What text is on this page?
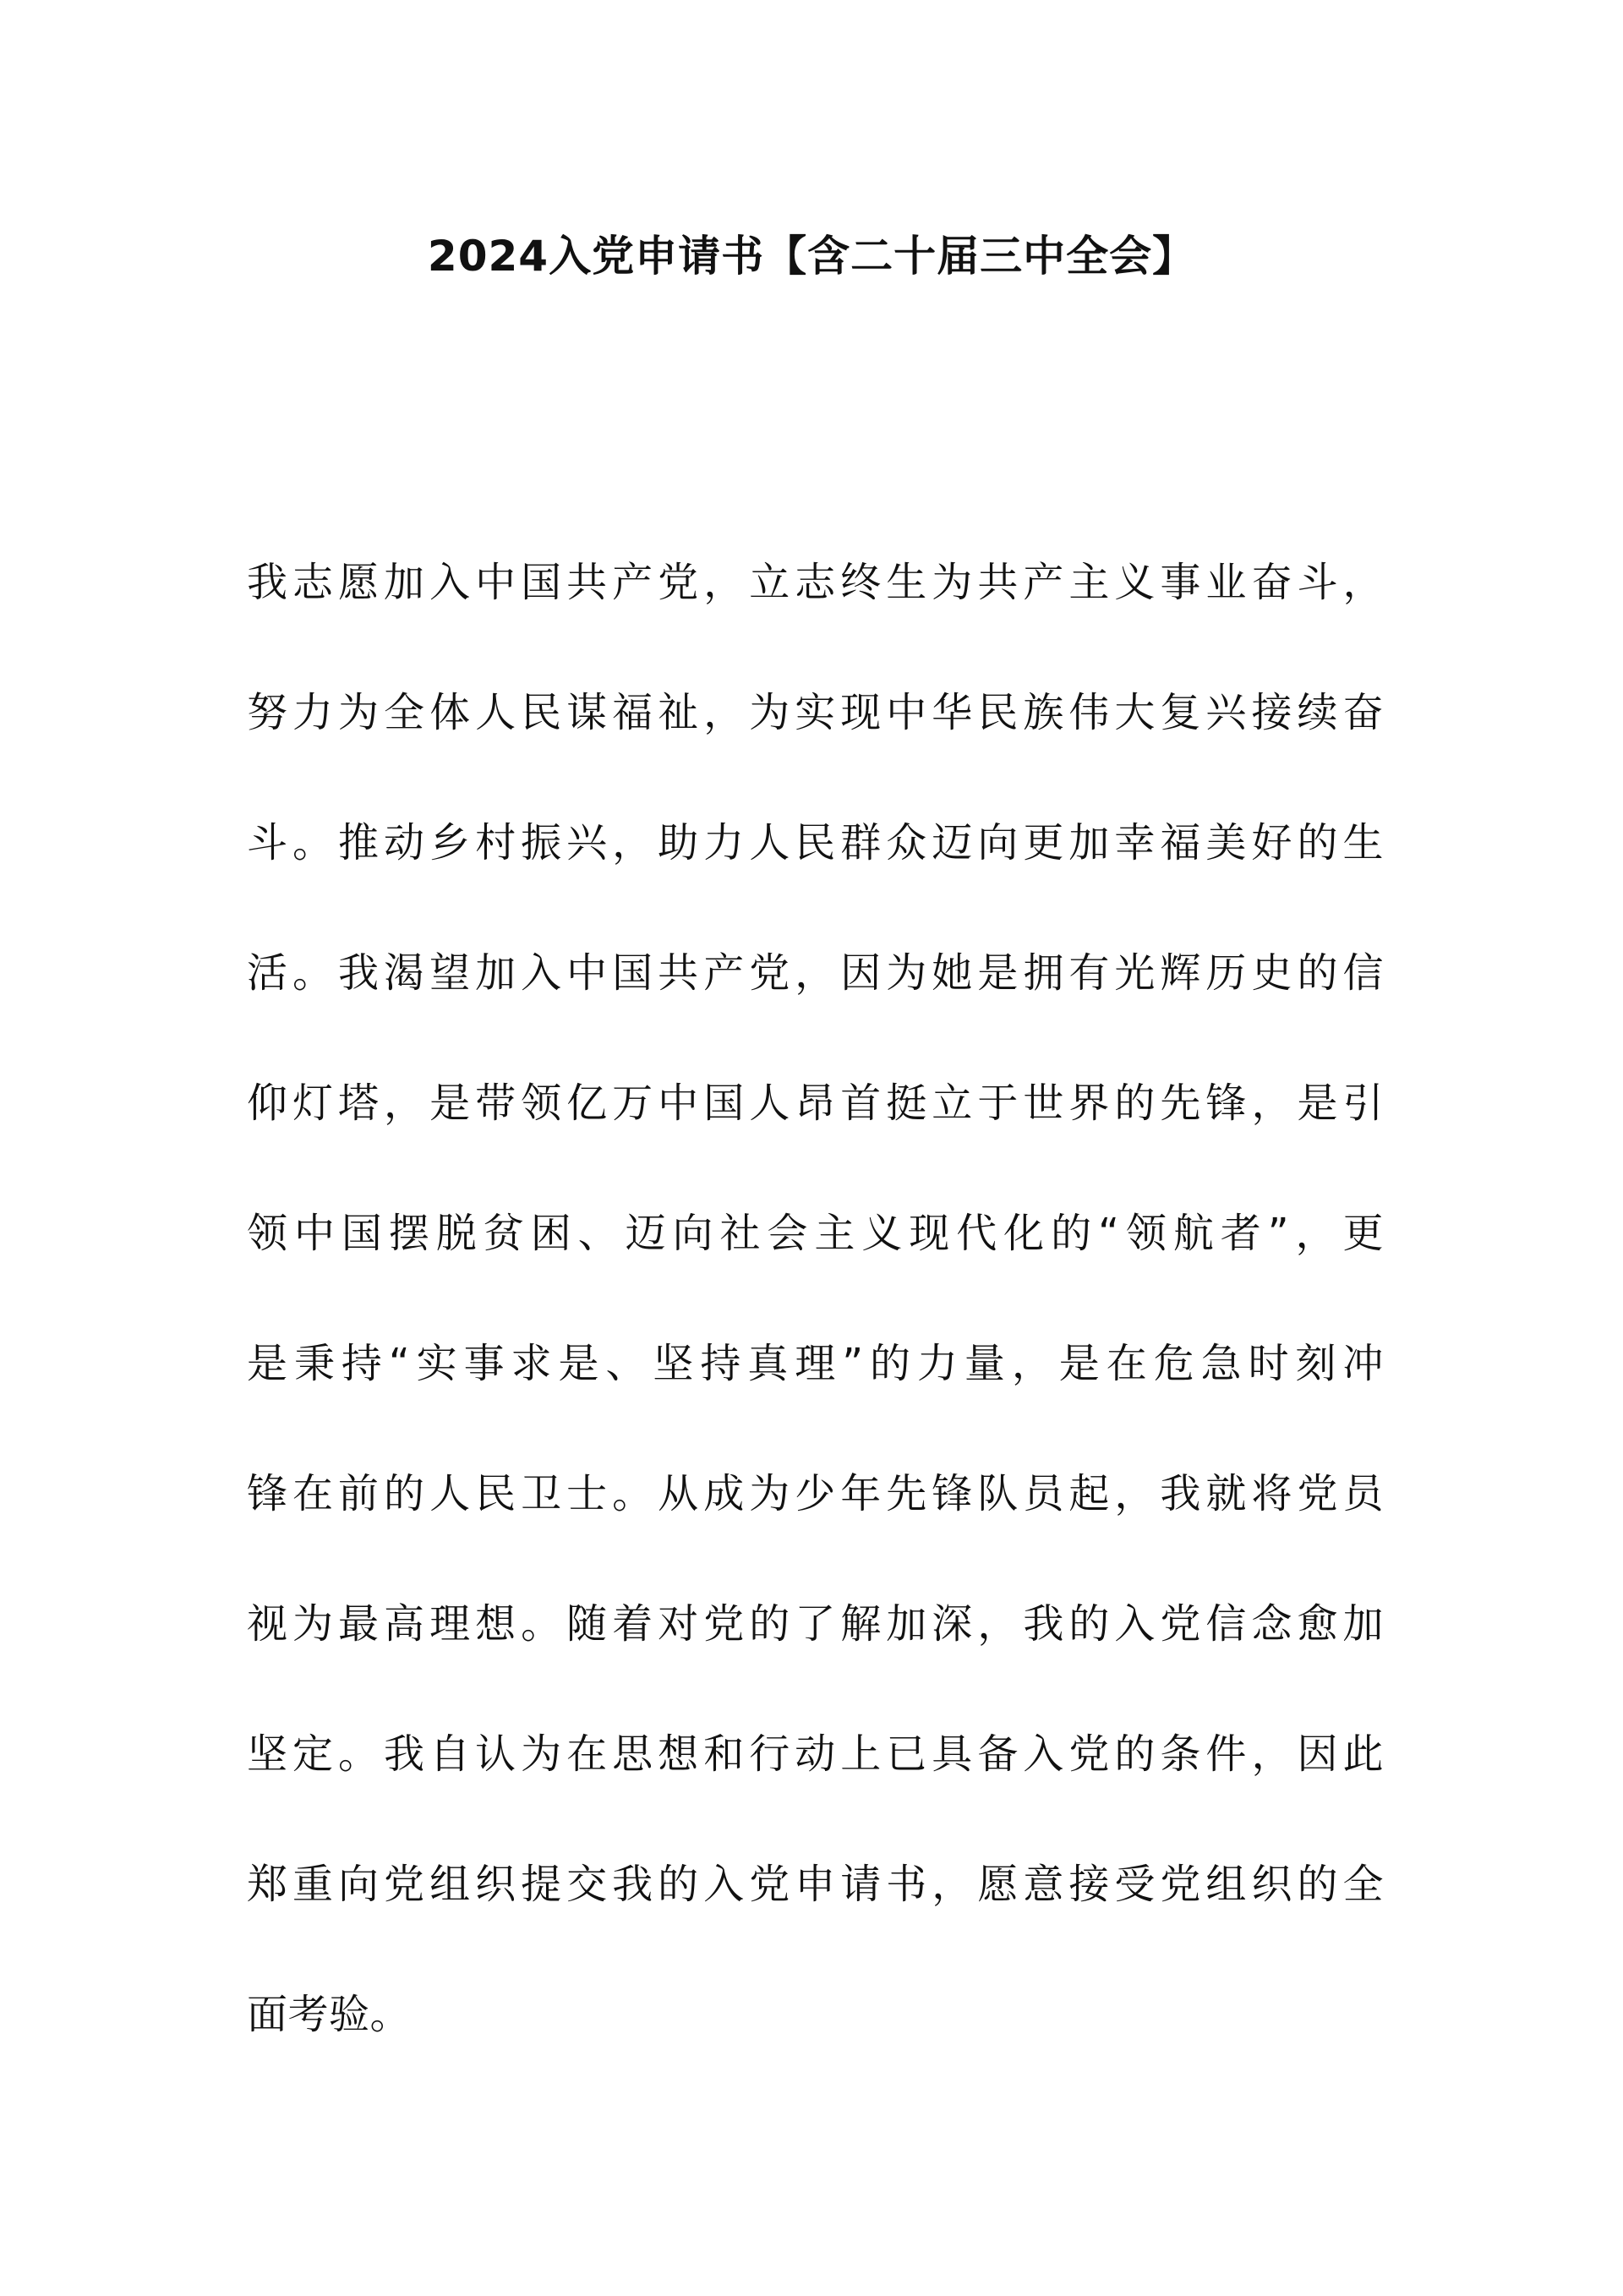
2024入党申请书【含二十届三中全会】
我志愿加入中国共产党，立志终生为共产主义事业奋斗，
努力为全体人民谋福祉，为实现中华民族伟大复兴接续奋
斗。推动乡村振兴，助力人民群众迈向更加幸福美好的生
活。我渴望加入中国共产党，因为她是拥有光辉历史的信
仰灯塔，是带领亿万中国人昂首挺立于世界的先锋，是引
领中国摆脱贫困、迈向社会主义现代化的“领航者”，更
是秉持“实事求是、坚持真理”的力量，是在危急时刻冲
锋在前的人民卫士。从成为少年先锋队员起，我就将党员
视为最高理想。随着对党的了解加深，我的入党信念愈加
坚定。我自认为在思想和行动上已具备入党的条件，因此
郑重向党组织提交我的入党申请书，愿意接受党组织的全
面考验。
